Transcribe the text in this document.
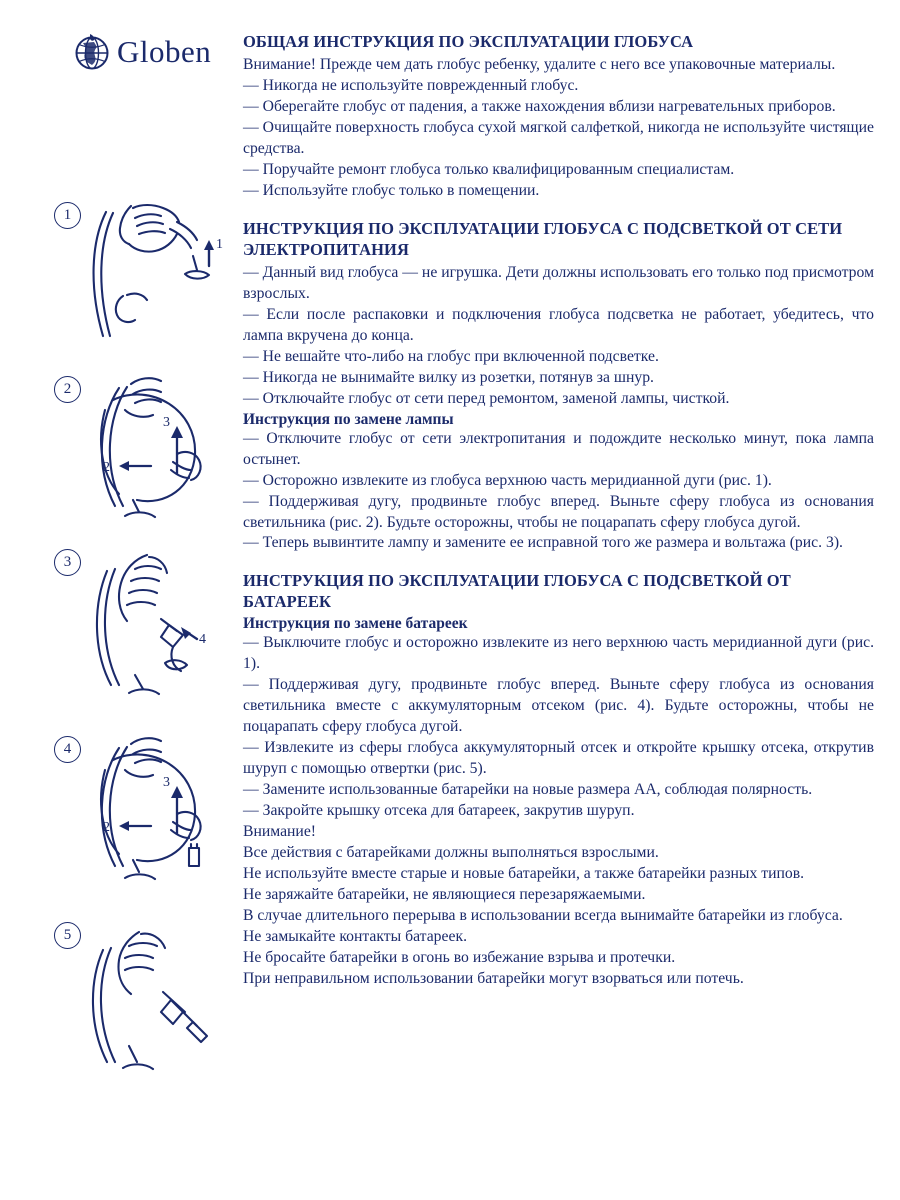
Globen
1
1
2
2
3
3
4
4
2
3
5
ОБЩАЯ ИНСТРУКЦИЯ ПО ЭКСПЛУАТАЦИИ ГЛОБУСА

Внимание! Прежде чем дать глобус ребенку, удалите с него все упаковочные материалы.

— Никогда не используйте поврежденный глобус.

— Оберегайте глобус от падения, а также нахождения вблизи нагревательных приборов.

— Очищайте поверхность глобуса сухой мягкой салфеткой, никогда не используйте чистящие средства.

— Поручайте ремонт глобуса только квалифицированным специалистам.

— Используйте глобус только в помещении.

ИНСТРУКЦИЯ ПО ЭКСПЛУАТАЦИИ ГЛОБУСА С ПОДСВЕТКОЙ ОТ СЕТИ ЭЛЕКТРОПИТАНИЯ

— Данный вид глобуса — не игрушка. Дети должны использовать его только под присмотром взрослых.

— Если после распаковки и подключения глобуса подсветка не работает, убедитесь, что лампа вкручена до конца.

— Не вешайте что-либо на глобус при включенной подсветке.

— Никогда не вынимайте вилку из розетки, потянув за шнур.

— Отключайте глобус от сети перед ремонтом, заменой лампы, чисткой.

Инструкция по замене лампы

— Отключите глобус от сети электропитания и подождите несколько минут, пока лампа остынет.

— Осторожно извлеките из глобуса верхнюю часть меридианной дуги (рис. 1).

— Поддерживая дугу, продвиньте глобус вперед. Выньте сферу глобуса из основания светильника (рис. 2). Будьте осторожны, чтобы не поцарапать сферу глобуса дугой.

— Теперь вывинтите лампу и замените ее исправной того же размера и вольтажа (рис. 3).

ИНСТРУКЦИЯ ПО ЭКСПЛУАТАЦИИ ГЛОБУСА С ПОДСВЕТКОЙ ОТ БАТАРЕЕК
Инструкция по замене батареек

— Выключите глобус и осторожно извлеките из него верхнюю часть меридианной дуги (рис. 1).

— Поддерживая дугу, продвиньте глобус вперед. Выньте сферу глобуса из основания светильника вместе с аккумуляторным отсеком (рис. 4). Будьте осторожны, чтобы не поцарапать сферу глобуса дугой.

— Извлеките из сферы глобуса аккумуляторный отсек и откройте крышку отсека, открутив шуруп с помощью отвертки (рис. 5).

— Замените использованные батарейки на новые размера АА, соблюдая полярность.

— Закройте крышку отсека для батареек, закрутив шуруп.

Внимание!

Все действия с батарейками должны выполняться взрослыми.

Не используйте вместе старые и новые батарейки, а также батарейки разных типов.

Не заряжайте батарейки, не являющиеся перезаряжаемыми.

В случае длительного перерыва в использовании всегда вынимайте батарейки из глобуса.

Не замыкайте контакты батареек.

Не бросайте батарейки в огонь во избежание взрыва и протечки.

При неправильном использовании батарейки могут взорваться или потечь.
